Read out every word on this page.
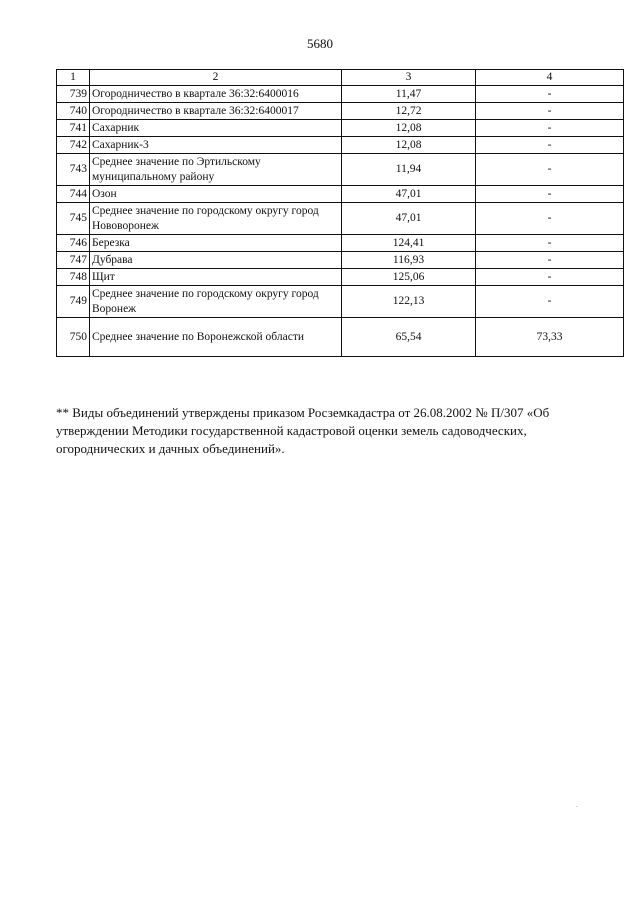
5680
1	2	3	4
739	Огородничество в квартале 36:32:6400016	11,47	-
740	Огородничество в квартале 36:32:6400017	12,72	-
741	Сахарник	12,08	-
742	Сахарник-3	12,08	-
743	Среднее значение по Эртильскому муниципальному району	11,94	-
744	Озон	47,01	-
745	Среднее значение по городскому округу город Нововоронеж	47,01	-
746	Березка	124,41	-
747	Дубрава	116,93	-
748	Щит	125,06	-
749	Среднее значение по городскому округу город Воронеж	122,13	-
750	Среднее значение по Воронежской области	65,54	73,33
** Виды объединений утверждены приказом Росземкадастра от 26.08.2002 № П/307 «Об утверждении Методики государственной кадастровой оценки земель садоводческих, огороднических и дачных объединений».
.
